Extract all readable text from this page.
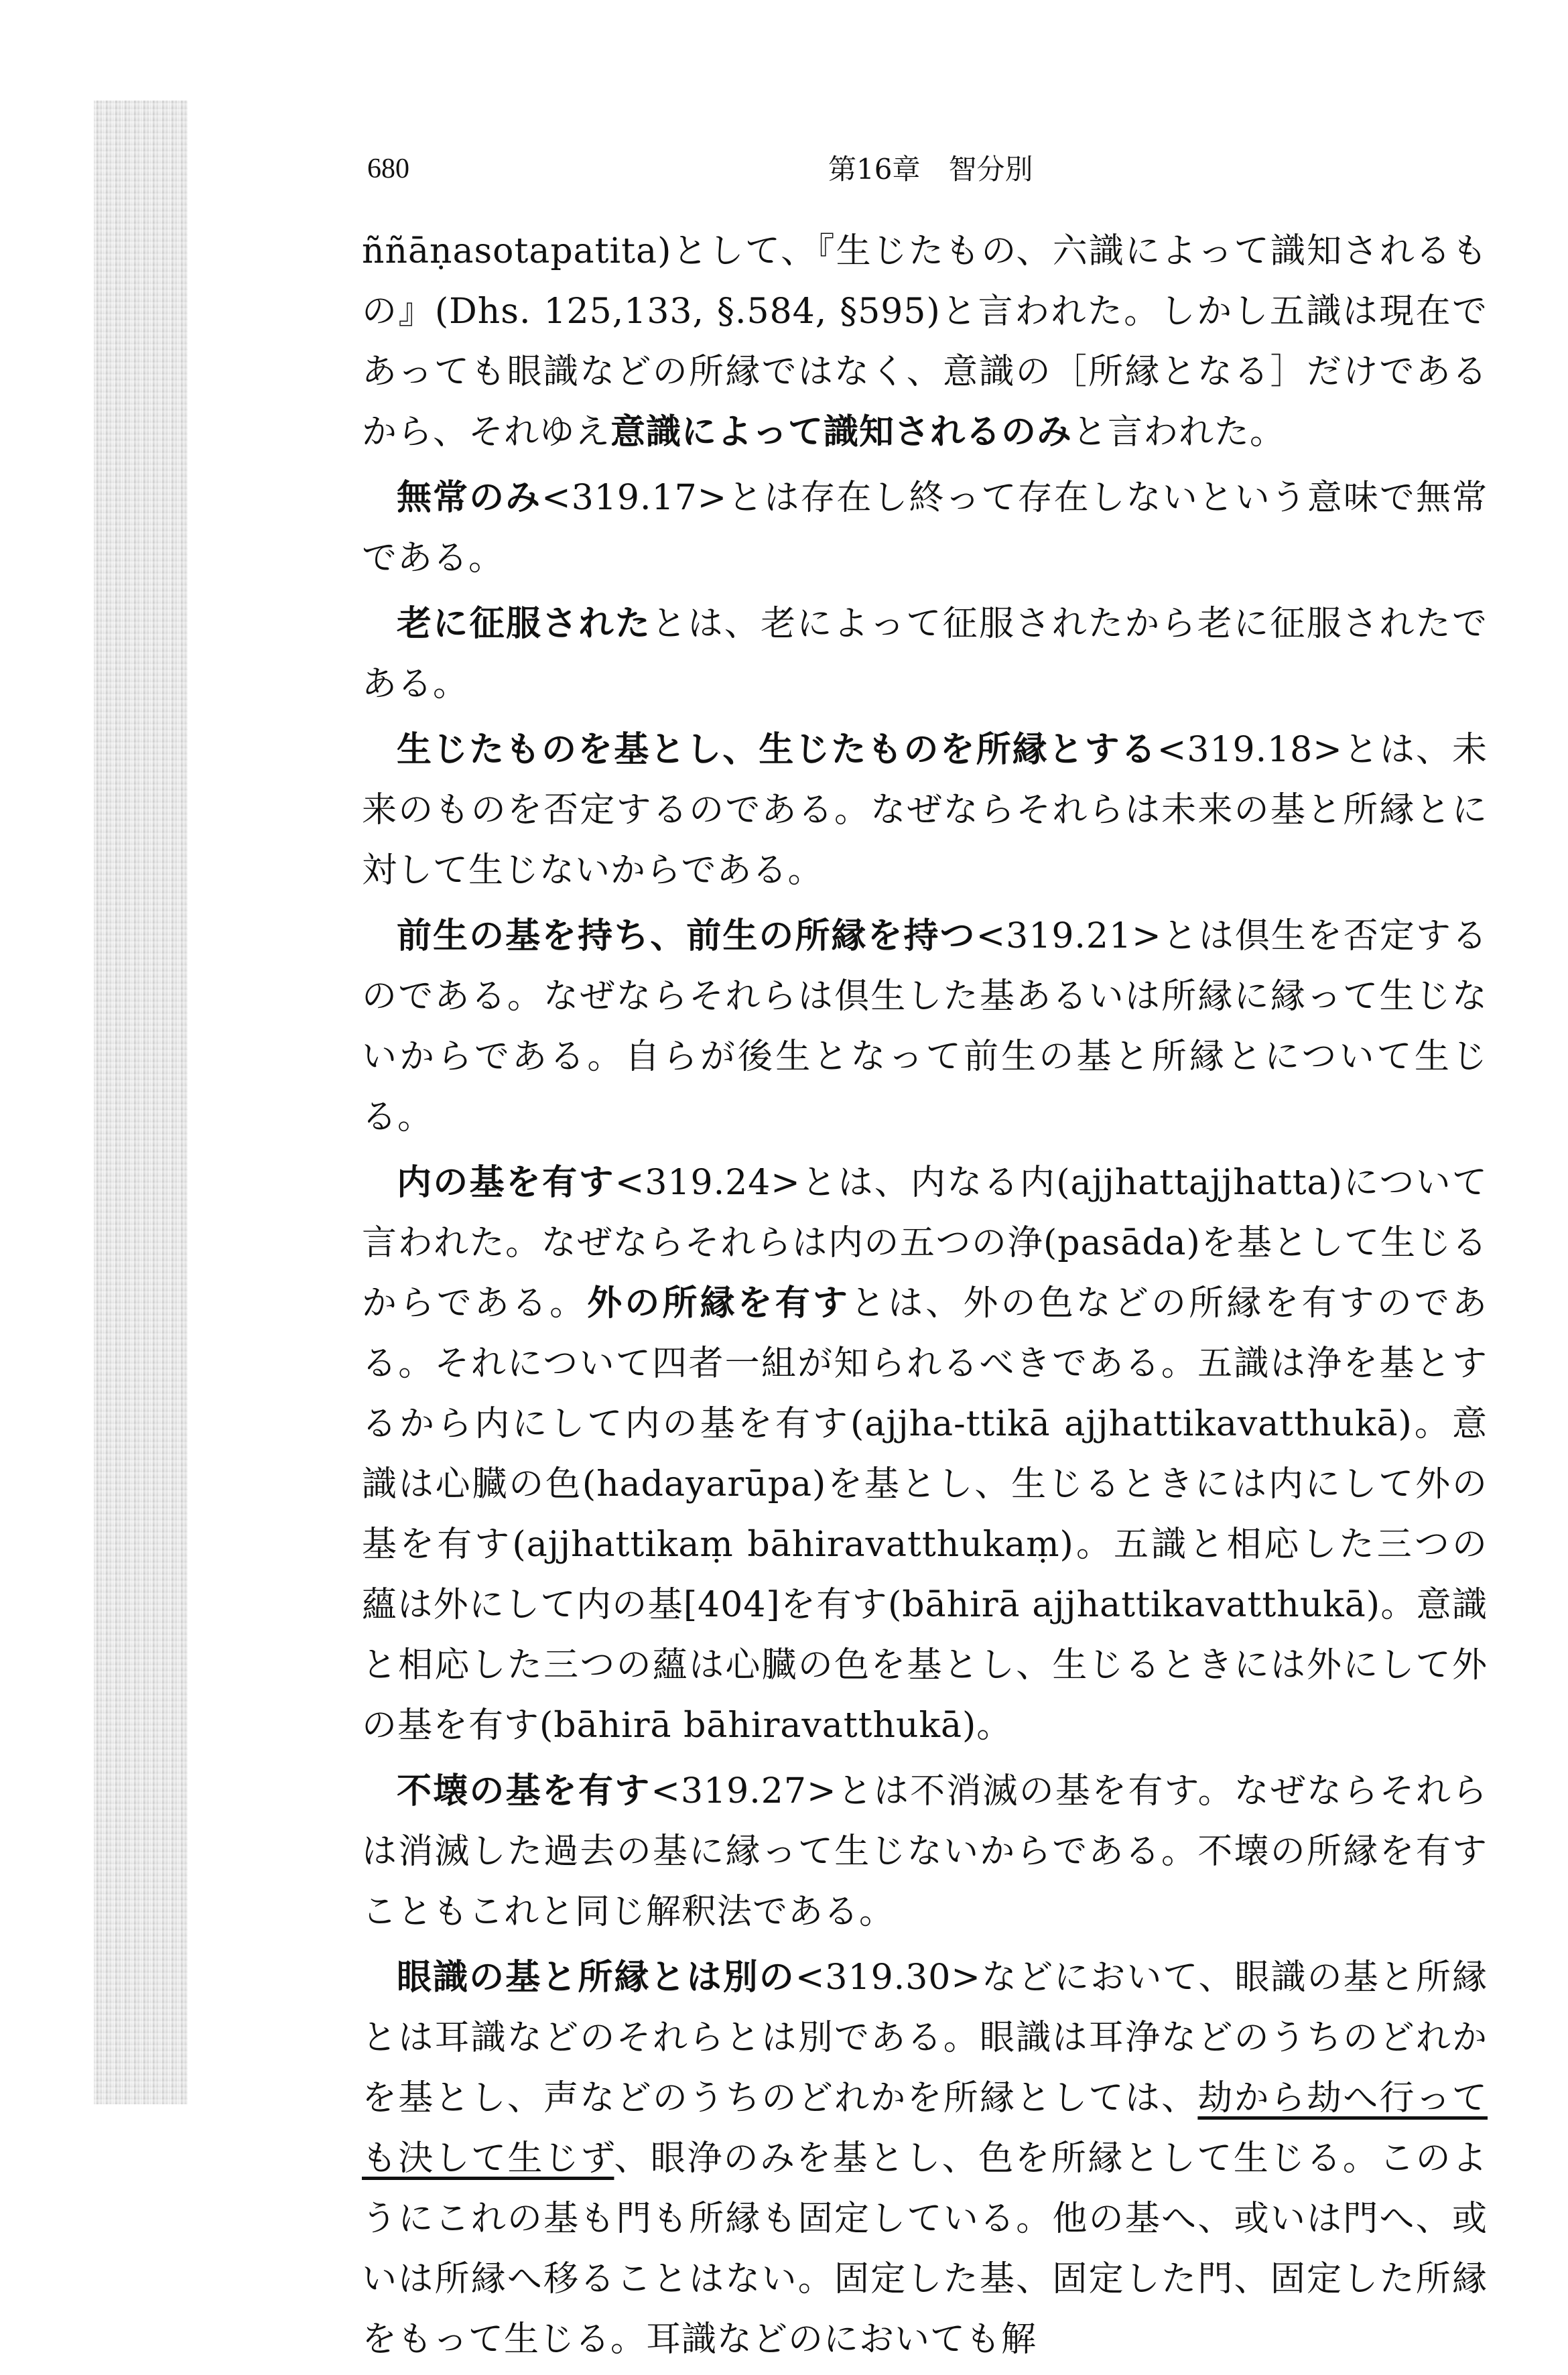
680	第16章　智分別

ññāṇasotapatita)として、『生じたもの、六識によって識知されるもの』(Dhs. 125,133, §.584, §595)と言われた。しかし五識は現在であっても眼識などの所縁ではなく、意識の［所縁となる］だけであるから、それゆえ意識によって識知されるのみと言われた。

無常のみ<319.17>とは存在し終って存在しないという意味で無常である。

老に征服されたとは、老によって征服されたから老に征服されたである。

生じたものを基とし、生じたものを所縁とする<319.18>とは、未来のものを否定するのである。なぜならそれらは未来の基と所縁とに対して生じないからである。

前生の基を持ち、前生の所縁を持つ<319.21>とは倶生を否定するのである。なぜならそれらは倶生した基あるいは所縁に縁って生じないからである。自らが後生となって前生の基と所縁とについて生じる。

内の基を有す<319.24>とは、内なる内(ajjhattajjhatta)について言われた。なぜならそれらは内の五つの浄(pasāda)を基として生じるからである。外の所縁を有すとは、外の色などの所縁を有すのである。それについて四者一組が知られるべきである。五識は浄を基とするから内にして内の基を有す(ajjha-ttikā ajjhattikavatthukā)。意識は心臓の色(hadayarūpa)を基とし、生じるときには内にして外の基を有す(ajjhattikaṃ bāhiravatthukaṃ)。五識と相応した三つの蘊は外にして内の基[404]を有す(bāhirā ajjhattikavatthukā)。意識と相応した三つの蘊は心臓の色を基とし、生じるときには外にして外の基を有す(bāhirā bāhiravatthukā)。

不壊の基を有す<319.27>とは不消滅の基を有す。なぜならそれらは消滅した過去の基に縁って生じないからである。不壊の所縁を有すこともこれと同じ解釈法である。

眼識の基と所縁とは別の<319.30>などにおいて、眼識の基と所縁とは耳識などのそれらとは別である。眼識は耳浄などのうちのどれかを基とし、声などのうちのどれかを所縁としては、劫から劫へ行っても決して生じず、眼浄のみを基とし、色を所縁として生じる。このようにこれの基も門も所縁も固定している。他の基へ、或いは門へ、或いは所縁へ移ることはない。固定した基、固定した門、固定した所縁をもって生じる。耳識などのにおいても解
